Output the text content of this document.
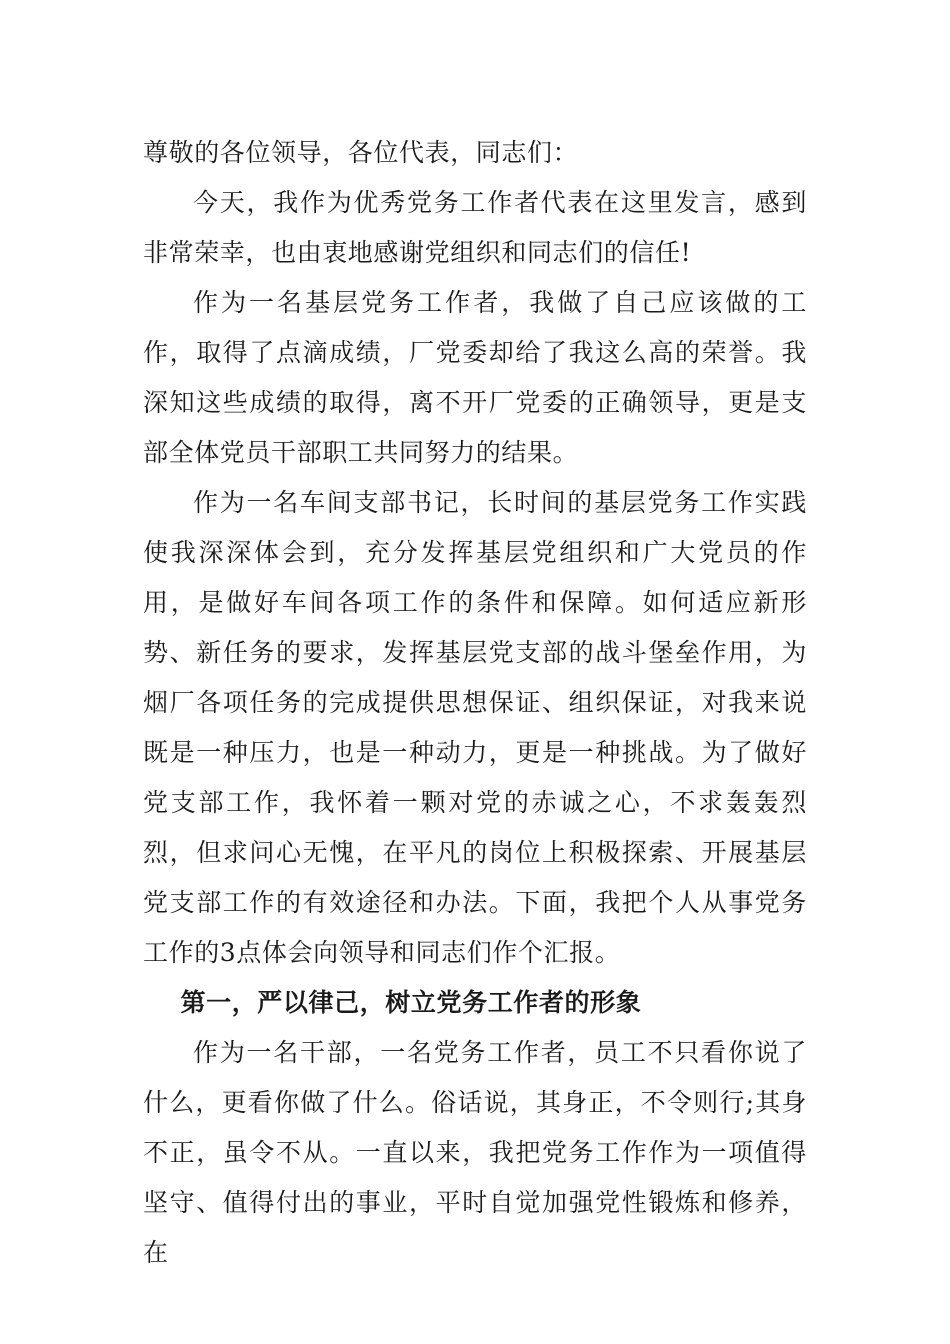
尊敬的各位领导，各位代表，同志们：

今天，我作为优秀党务工作者代表在这里发言，感到非常荣幸，也由衷地感谢党组织和同志们的信任!

作为一名基层党务工作者，我做了自己应该做的工作，取得了点滴成绩，厂党委却给了我这么高的荣誉。我深知这些成绩的取得，离不开厂党委的正确领导，更是支部全体党员干部职工共同努力的结果。

作为一名车间支部书记，长时间的基层党务工作实践使我深深体会到，充分发挥基层党组织和广大党员的作用，是做好车间各项工作的条件和保障。如何适应新形势、新任务的要求，发挥基层党支部的战斗堡垒作用，为烟厂各项任务的完成提供思想保证、组织保证，对我来说既是一种压力，也是一种动力，更是一种挑战。为了做好党支部工作，我怀着一颗对党的赤诚之心，不求轰轰烈烈，但求问心无愧，在平凡的岗位上积极探索、开展基层党支部工作的有效途径和办法。下面，我把个人从事党务工作的3点体会向领导和同志们作个汇报。

第一，严以律己，树立党务工作者的形象

作为一名干部，一名党务工作者，员工不只看你说了什么，更看你做了什么。俗话说，其身正，不令则行;其身不正，虽令不从。一直以来，我把党务工作作为一项值得坚守、值得付出的事业，平时自觉加强党性锻炼和修养，在
